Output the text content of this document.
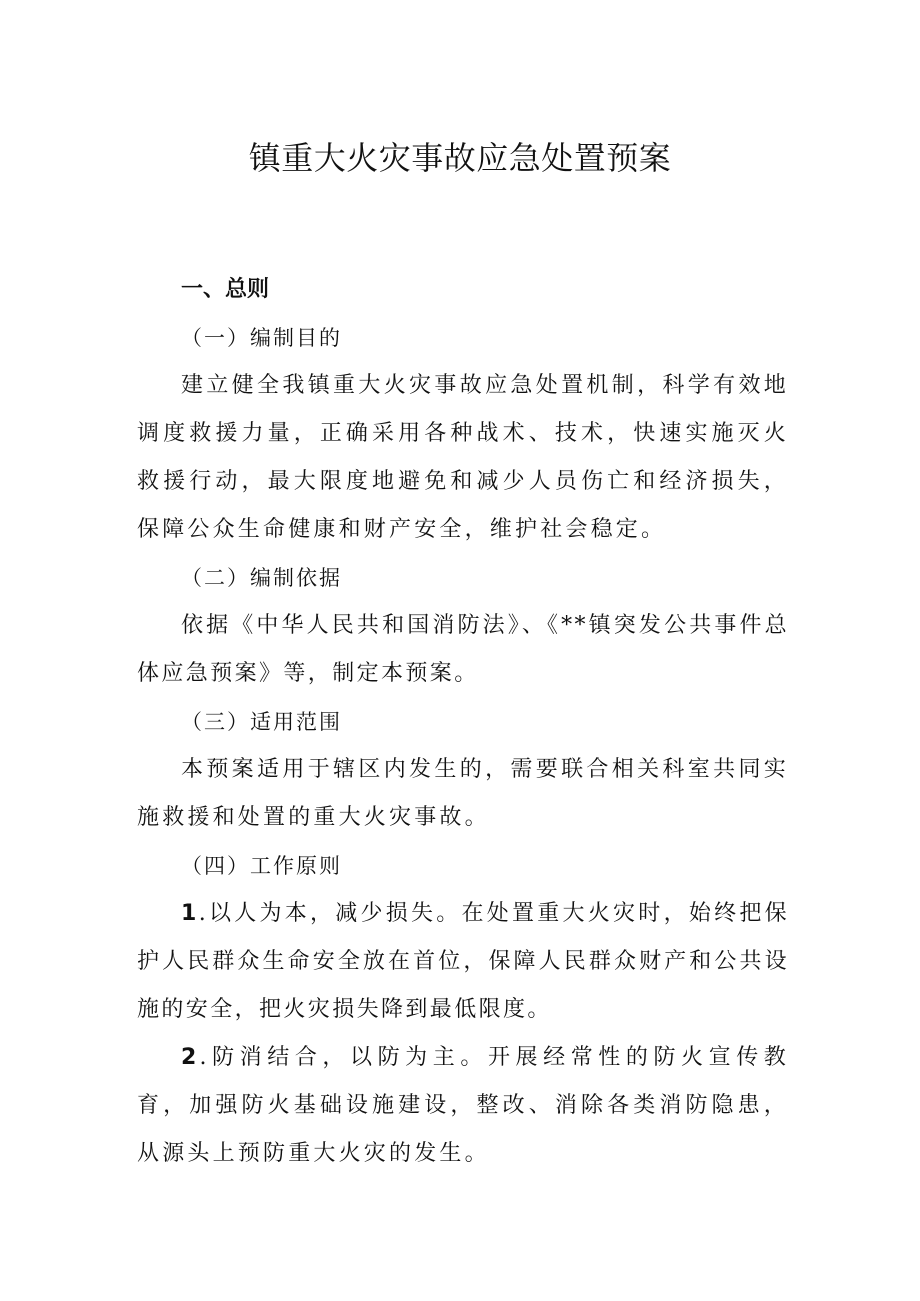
镇重大火灾事故应急处置预案
一、总则
（一）编制目的

建立健全我镇重大火灾事故应急处置机制，科学有效地调度救援力量，正确采用各种战术、技术，快速实施灭火救援行动，最大限度地避免和减少人员伤亡和经济损失，保障公众生命健康和财产安全，维护社会稳定。

（二）编制依据

依据《中华人民共和国消防法》、《**镇突发公共事件总体应急预案》等，制定本预案。

（三）适用范围

本预案适用于辖区内发生的，需要联合相关科室共同实施救援和处置的重大火灾事故。

（四）工作原则

1.以人为本，减少损失。在处置重大火灾时，始终把保护人民群众生命安全放在首位，保障人民群众财产和公共设施的安全，把火灾损失降到最低限度。

2.防消结合，以防为主。开展经常性的防火宣传教育，加强防火基础设施建设，整改、消除各类消防隐患，从源头上预防重大火灾的发生。
